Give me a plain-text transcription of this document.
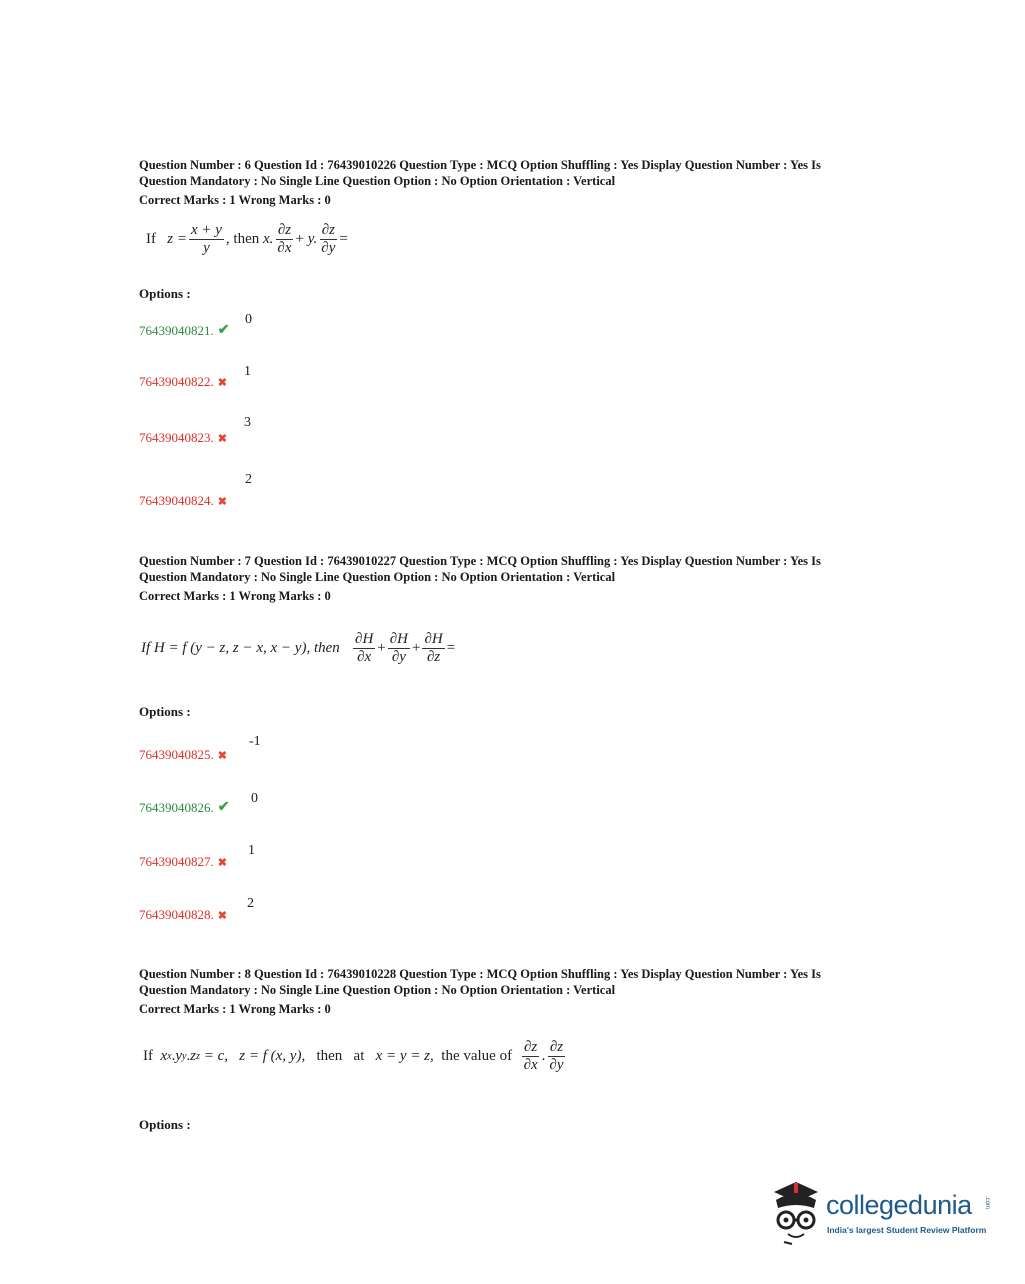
Question Number : 6 Question Id : 76439010226 Question Type : MCQ Option Shuffling : Yes Display Question Number : Yes Is
Question Mandatory : No Single Line Question Option : No Option Orientation : Vertical
Correct Marks : 1 Wrong Marks : 0
If
$z = \frac{x + y}{y}$ , then
x. $\frac{\partial z}{\partial x}$ +
y. $\frac{\partial z}{\partial y}$ =
Options :
76439040821. ✔
0
76439040822. ✖
1
76439040823. ✖
3
76439040824. ✖
2
Question Number : 7 Question Id : 76439010227 Question Type : MCQ Option Shuffling : Yes Display Question Number : Yes Is
Question Mandatory : No Single Line Question Option : No Option Orientation : Vertical
Correct Marks : 1 Wrong Marks : 0
If H = f (y − z, z − x, x − y), then
$\frac{\partial H}{\partial x} + \frac{\partial H}{\partial y} + \frac{\partial H}{\partial z}$ =
Options :
76439040825. ✖
-1
76439040826. ✔
0
76439040827. ✖
1
76439040828. ✖
2
Question Number : 8 Question Id : 76439010228 Question Type : MCQ Option Shuffling : Yes Display Question Number : Yes Is
Question Mandatory : No Single Line Question Option : No Option Orientation : Vertical
Correct Marks : 1 Wrong Marks : 0
If
x x . y y . z z
= c,
z = f (x, y),
then   at
x = y = z,
the value of
$\frac{\partial z}{\partial x}$ . $\frac{\partial z}{\partial y}$
Options :
collegedunia .com
India's largest Student Review Platform
